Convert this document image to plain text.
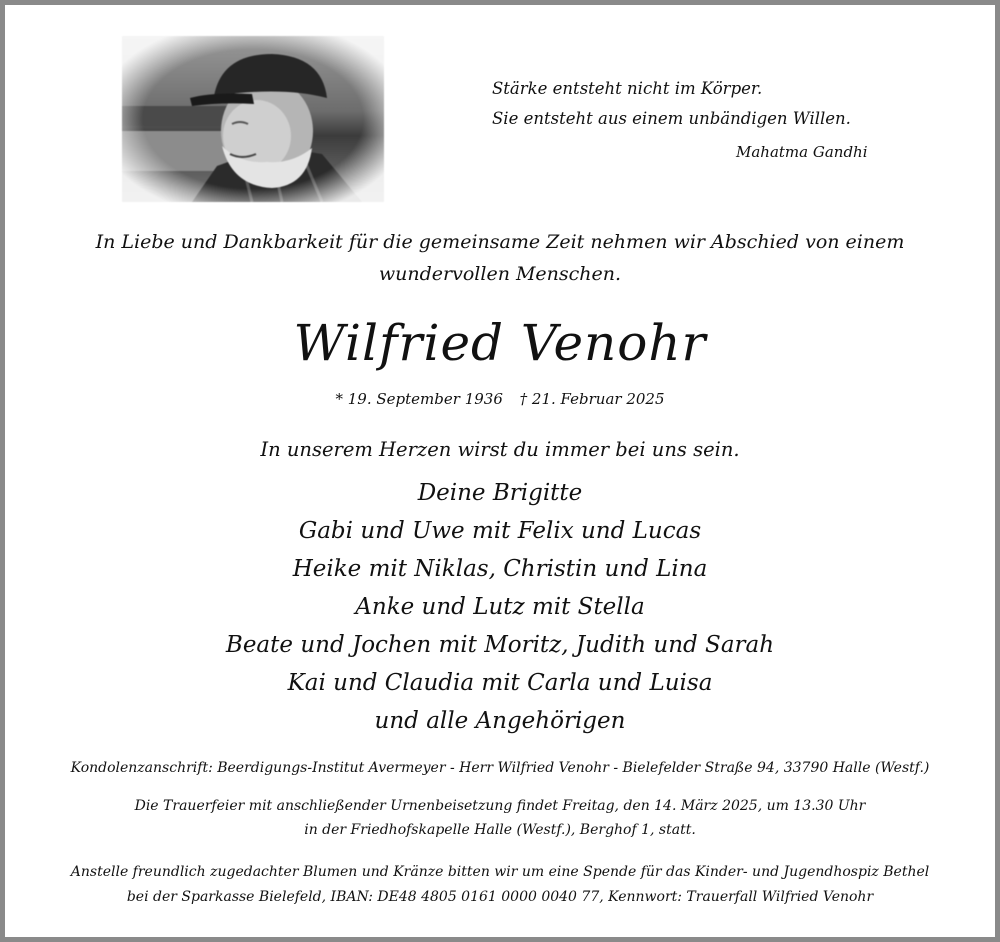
Stärke entsteht nicht im Körper.
Sie entsteht aus einem unbändigen Willen.
Mahatma Gandhi
In Liebe und Dankbarkeit für die gemeinsame Zeit nehmen wir Abschied von einem
wundervollen Menschen.
Wilfried Venohr
* 19. September 1936 † 21. Februar 2025
In unserem Herzen wirst du immer bei uns sein.
Deine Brigitte
Gabi und Uwe mit Felix und Lucas
Heike mit Niklas, Christin und Lina
Anke und Lutz mit Stella
Beate und Jochen mit Moritz, Judith und Sarah
Kai und Claudia mit Carla und Luisa
und alle Angehörigen
Kondolenzanschrift: Beerdigungs-Institut Avermeyer - Herr Wilfried Venohr - Bielefelder Straße 94, 33790 Halle (Westf.)
Die Trauerfeier mit anschließender Urnenbeisetzung findet Freitag, den 14. März 2025, um 13.30 Uhr
in der Friedhofskapelle Halle (Westf.), Berghof 1, statt.
Anstelle freundlich zugedachter Blumen und Kränze bitten wir um eine Spende für das Kinder- und Jugendhospiz Bethel
bei der Sparkasse Bielefeld, IBAN: DE48 4805 0161 0000 0040 77, Kennwort: Trauerfall Wilfried Venohr
